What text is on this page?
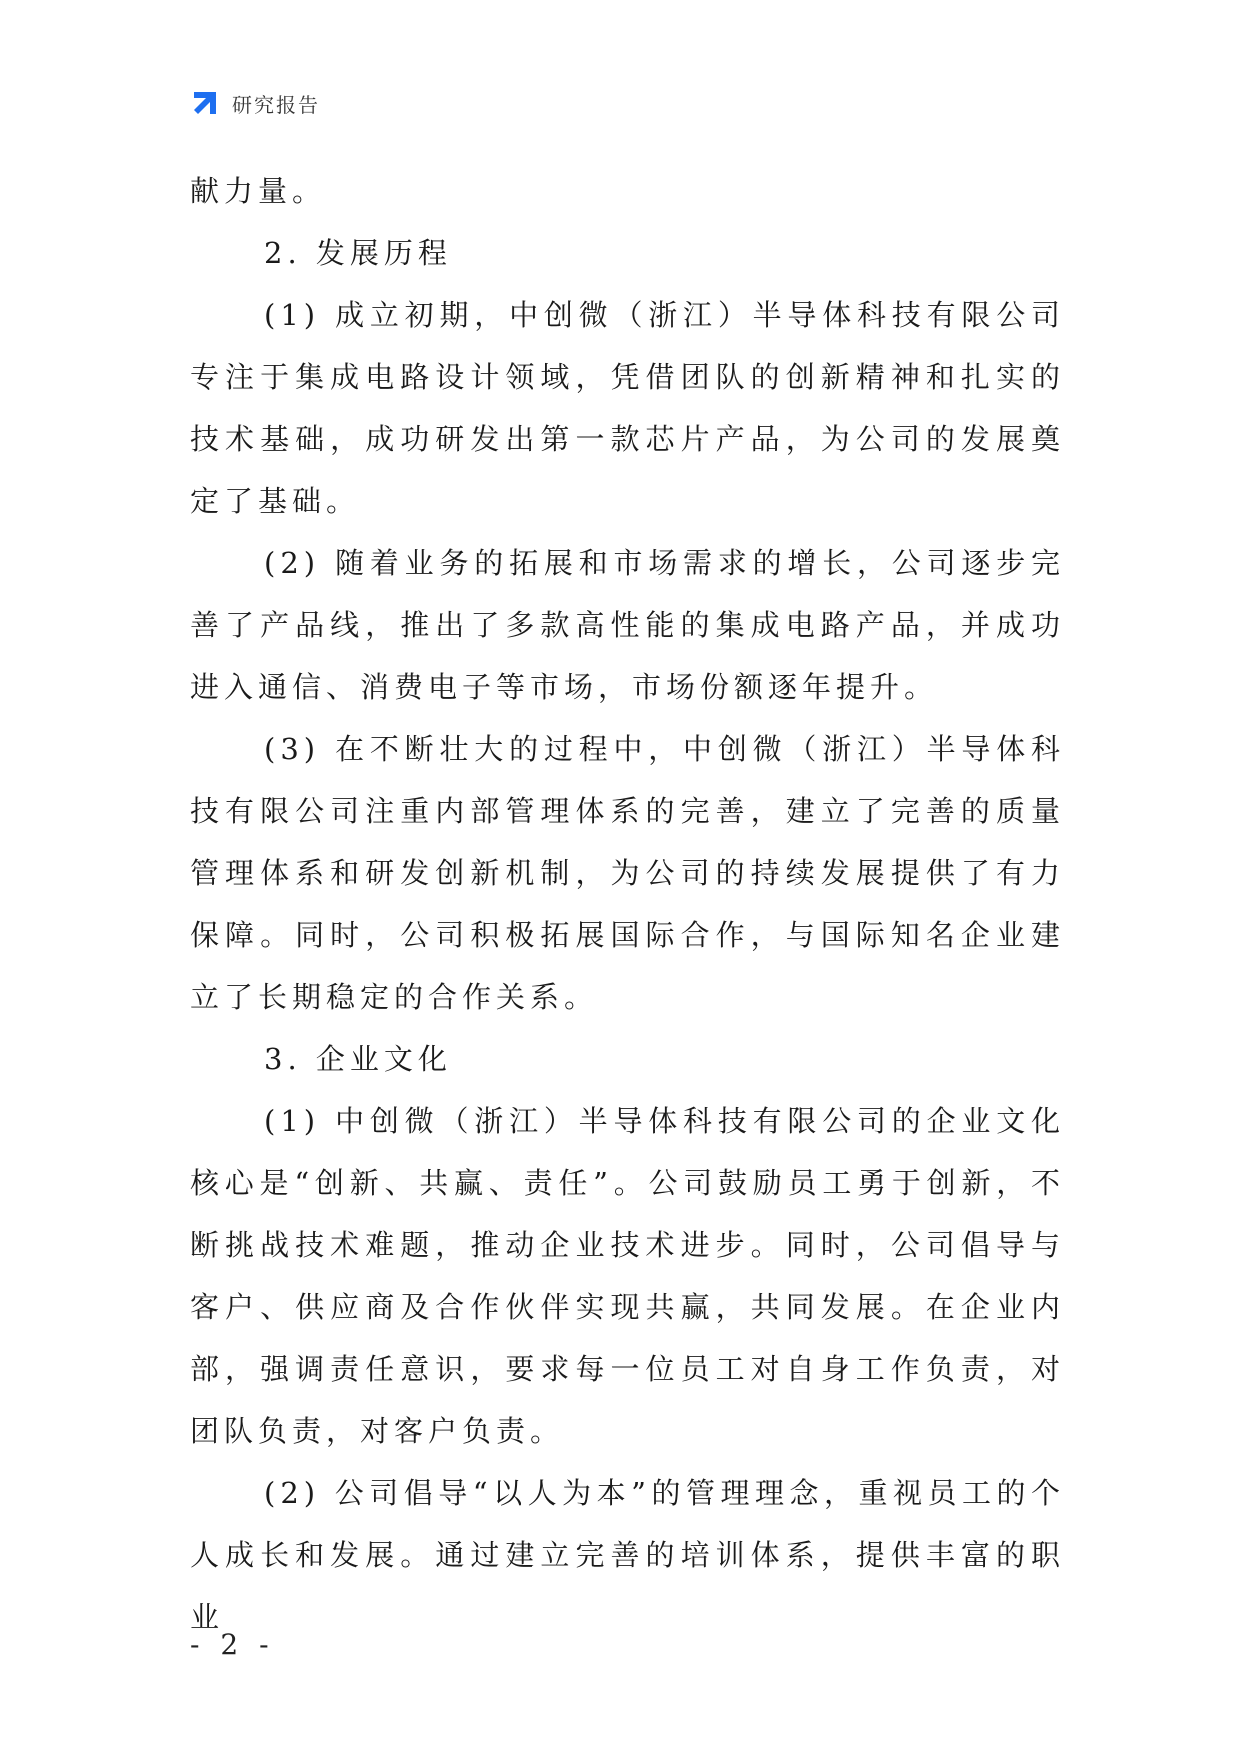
研究报告

献力量。

2. 发展历程

(1) 成立初期，中创微（浙江）半导体科技有限公司专注于集成电路设计领域，凭借团队的创新精神和扎实的技术基础，成功研发出第一款芯片产品，为公司的发展奠定了基础。

(2) 随着业务的拓展和市场需求的增长，公司逐步完善了产品线，推出了多款高性能的集成电路产品，并成功进入通信、消费电子等市场，市场份额逐年提升。

(3) 在不断壮大的过程中，中创微（浙江）半导体科技有限公司注重内部管理体系的完善，建立了完善的质量管理体系和研发创新机制，为公司的持续发展提供了有力保障。同时，公司积极拓展国际合作，与国际知名企业建立了长期稳定的合作关系。

3. 企业文化

(1) 中创微（浙江）半导体科技有限公司的企业文化核心是“创新、共赢、责任”。公司鼓励员工勇于创新，不断挑战技术难题，推动企业技术进步。同时，公司倡导与客户、供应商及合作伙伴实现共赢，共同发展。在企业内部，强调责任意识，要求每一位员工对自身工作负责，对团队负责，对客户负责。

(2) 公司倡导“以人为本”的管理理念，重视员工的个人成长和发展。通过建立完善的培训体系，提供丰富的职业

- 2 -
